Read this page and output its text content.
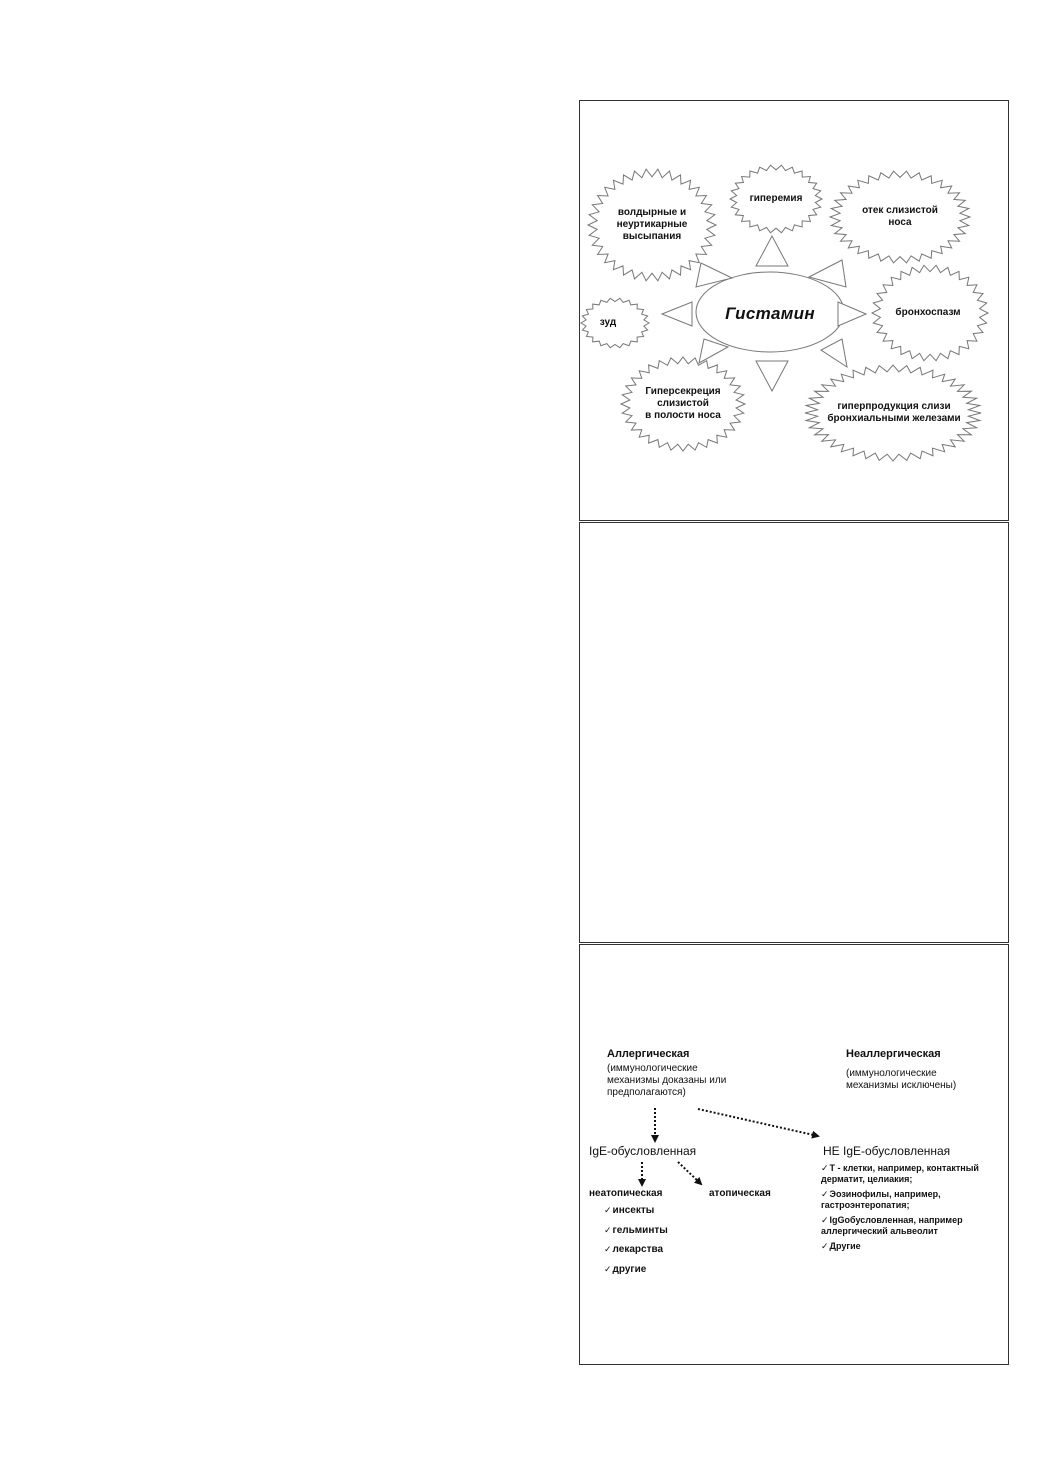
Гистамин
волдырные и
неуртикарные
высыпания
гиперемия
отек слизистой
носа
зуд
бронхоспазм
Гиперсекреция
слизистой
в полости носа
гиперпродукция слизи
бронхиальными железами
Аллергическая
(иммунологические
механизмы доказаны или
предполагаются)
Неаллергическая
(иммунологические
механизмы исключены)
IgE-обусловленная	НЕ IgE-обусловленная
неатопическая	атопическая
✓инсекты
✓гельминты
✓лекарства
✓другие
✓Т - клетки, например, контактный
дерматит, целиакия;
✓Эозинофилы, например,
гастроэнтеропатия;
✓IgGобусловленная, например
аллергический альвеолит
✓Другие
